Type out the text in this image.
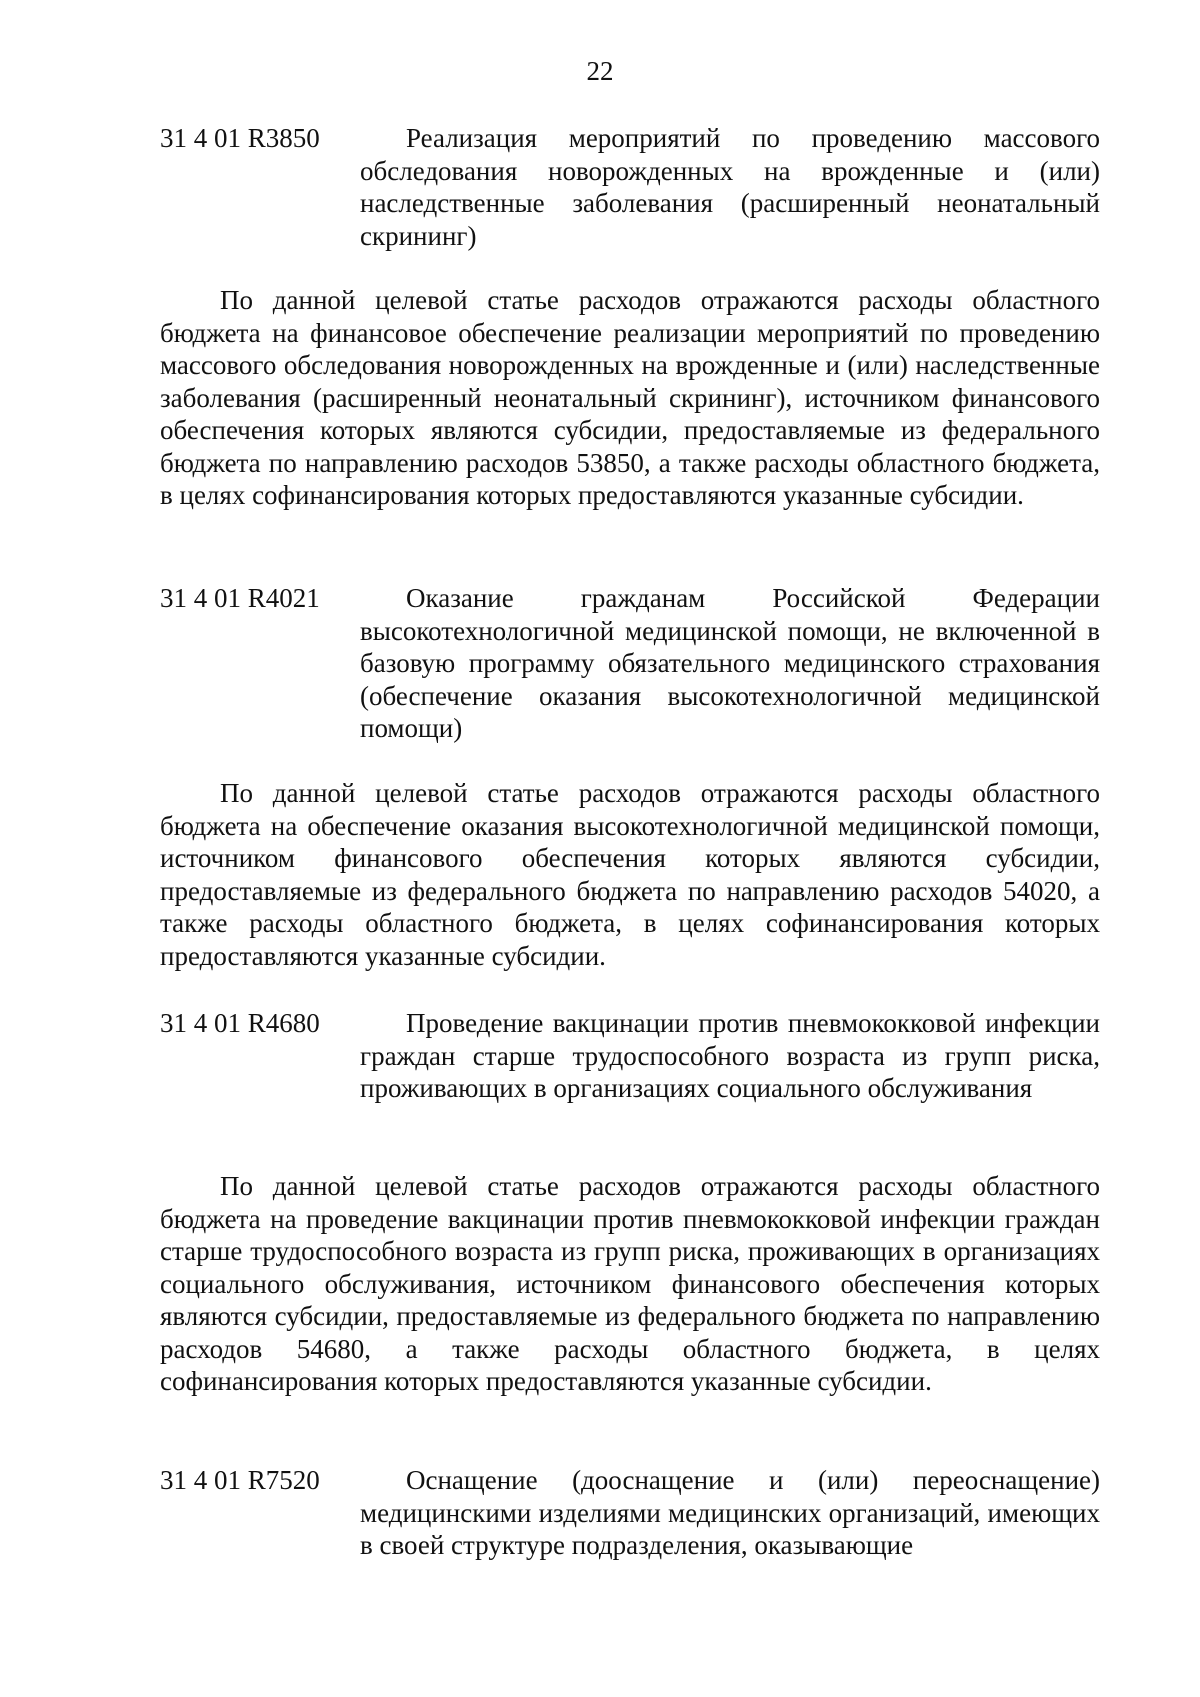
22
31 4 01 R3850	Реализация мероприятий по проведению массового обследования новорожденных на врожденные и (или) наследственные заболевания (расширенный неонатальный скрининг)

По данной целевой статье расходов отражаются расходы областного бюджета на финансовое обеспечение реализации мероприятий по проведению массового обследования новорожденных на врожденные и (или) наследственные заболевания (расширенный неонатальный скрининг), источником финансового обеспечения которых являются субсидии, предоставляемые из федерального бюджета по направлению расходов 53850, а также расходы областного бюджета, в целях софинансирования которых предоставляются указанные субсидии.

31 4 01 R4021	Оказание гражданам Российской Федерации высокотехнологичной медицинской помощи, не включенной в базовую программу обязательного медицинского страхования (обеспечение оказания высокотехнологичной медицинской помощи)

По данной целевой статье расходов отражаются расходы областного бюджета на обеспечение оказания высокотехнологичной медицинской помощи, источником финансового обеспечения которых являются субсидии, предоставляемые из федерального бюджета по направлению расходов 54020, а также расходы областного бюджета, в целях софинансирования которых предоставляются указанные субсидии.

31 4 01 R4680	Проведение вакцинации против пневмококковой инфекции граждан старше трудоспособного возраста из групп риска, проживающих в организациях социального обслуживания

По данной целевой статье расходов отражаются расходы областного бюджета на проведение вакцинации против пневмококковой инфекции граждан старше трудоспособного возраста из групп риска, проживающих в организациях социального обслуживания, источником финансового обеспечения которых являются субсидии, предоставляемые из федерального бюджета по направлению расходов 54680, а также расходы областного бюджета, в целях софинансирования которых предоставляются указанные субсидии.

31 4 01 R7520	Оснащение (дооснащение и (или) переоснащение) медицинскими изделиями медицинских организаций, имеющих в своей структуре подразделения, оказывающие
